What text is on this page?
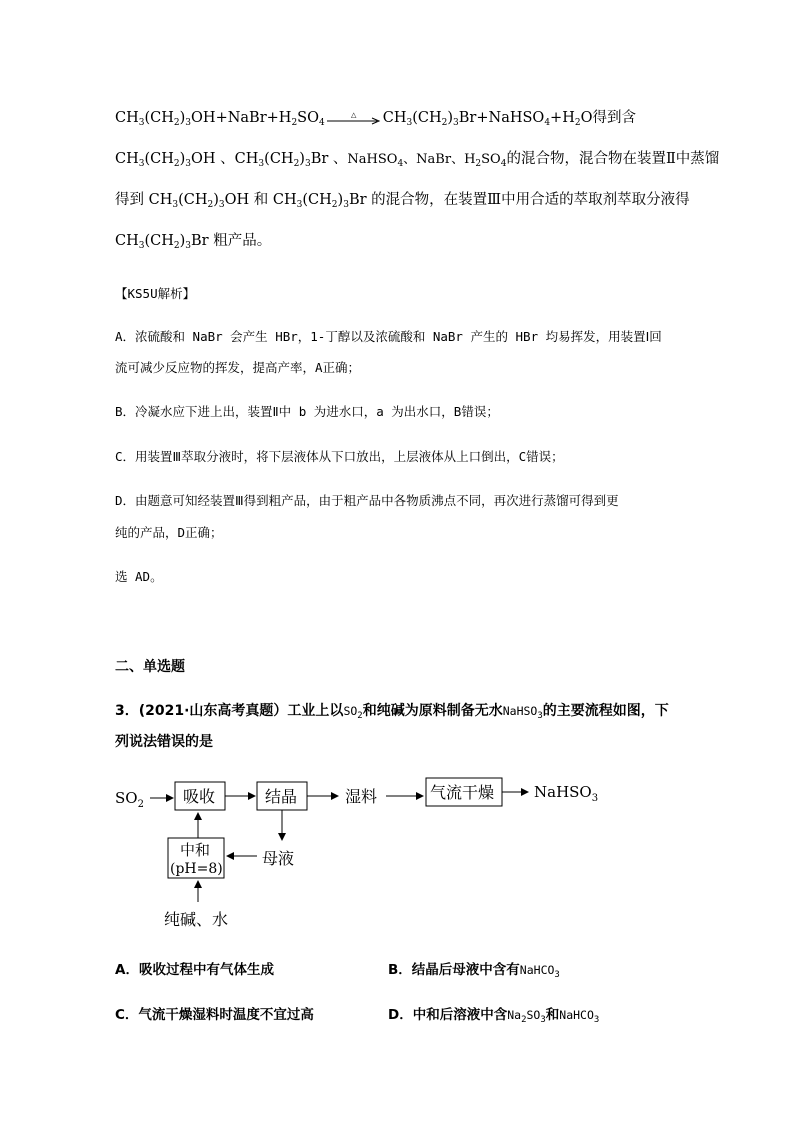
$CH_3(CH_2)_3OH+NaBr+H_2SO_4$
△ $CH_3(CH_2)_3Br+NaHSO_4+H_2O$得到含
$CH_3(CH_2)_3OH$ 、$CH_3(CH_2)_3Br$ 、NaHSO$_4$、NaBr、$H_2SO_4$的混合物，混合物在装置Ⅱ中蒸馏
得到 $CH_3(CH_2)_3OH$ 和 $CH_3(CH_2)_3Br$ 的混合物，在装置Ⅲ中用合适的萃取剂萃取分液得
$CH_3(CH_2)_3Br$ 粗产品。
【KS5U解析】
A．浓硫酸和 NaBr 会产生 HBr，1-丁醇以及浓硫酸和 NaBr 产生的 HBr 均易挥发，用装置Ⅰ回
流可减少反应物的挥发，提高产率，A正确；
B．冷凝水应下进上出，装置Ⅱ中 b 为进水口，a 为出水口，B错误；
C．用装置Ⅲ萃取分液时，将下层液体从下口放出，上层液体从上口倒出，C错误；
D．由题意可知经装置Ⅲ得到粗产品，由于粗产品中各物质沸点不同，再次进行蒸馏可得到更
纯的产品，D正确；
选 AD。
二、单选题
3．(2021·山东高考真题）工业上以$SO_2$和纯碱为原料制备无水NaHSO$_3$的主要流程如图，下
列说法错误的是
$SO_2$ 吸收	结晶	湿料	气流干燥	NaHSO$_3$
中和
(pH=8)
母液
纯碱、水
A．吸收过程中有气体生成	B．结晶后母液中含有NaHCO$_3$
C．气流干燥湿料时温度不宜过高	D．中和后溶液中含$Na_2SO_3$和NaHCO$_3$
